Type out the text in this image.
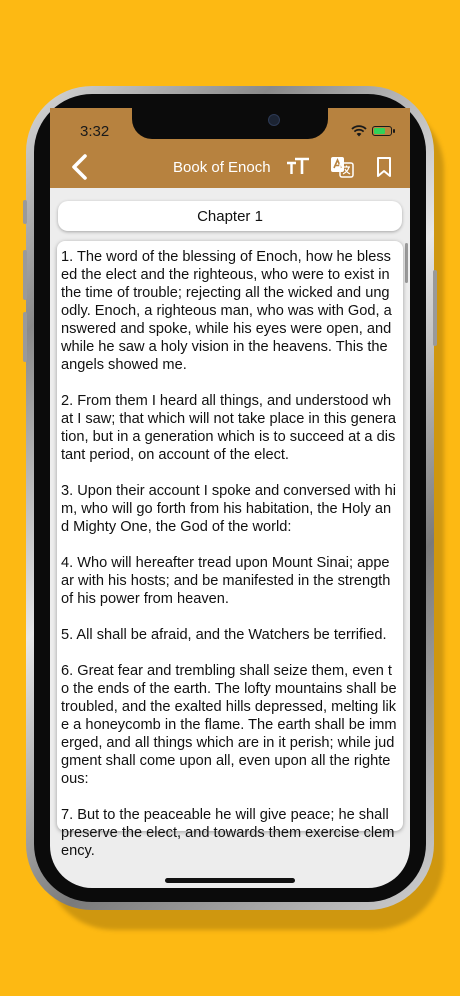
3:32
Book of Enoch
Chapter 1

1. The word of the blessing of Enoch, how he blessed the elect and the righteous, who were to exist in the time of trouble; rejecting all the wicked and ungodly. Enoch, a righteous man, who was with God, answered and spoke, while his eyes were open, and while he saw a holy vision in the heavens. This the angels showed me.

2. From them I heard all things, and understood what I saw; that which will not take place in this generation, but in a generation which is to succeed at a distant period, on account of the elect.

3. Upon their account I spoke and conversed with him, who will go forth from his habitation, the Holy and Mighty One, the God of the world:

4. Who will hereafter tread upon Mount Sinai; appear with his hosts; and be manifested in the strength of his power from heaven.

5. All shall be afraid, and the Watchers be terrified.

6. Great fear and trembling shall seize them, even to the ends of the earth. The lofty mountains shall be troubled, and the exalted hills depressed, melting like a honeycomb in the flame. The earth shall be immerged, and all things which are in it perish; while judgment shall come upon all, even upon all the righteous:

7. But to the peaceable he will give peace; he shall preserve the elect, and towards them exercise clemency.
